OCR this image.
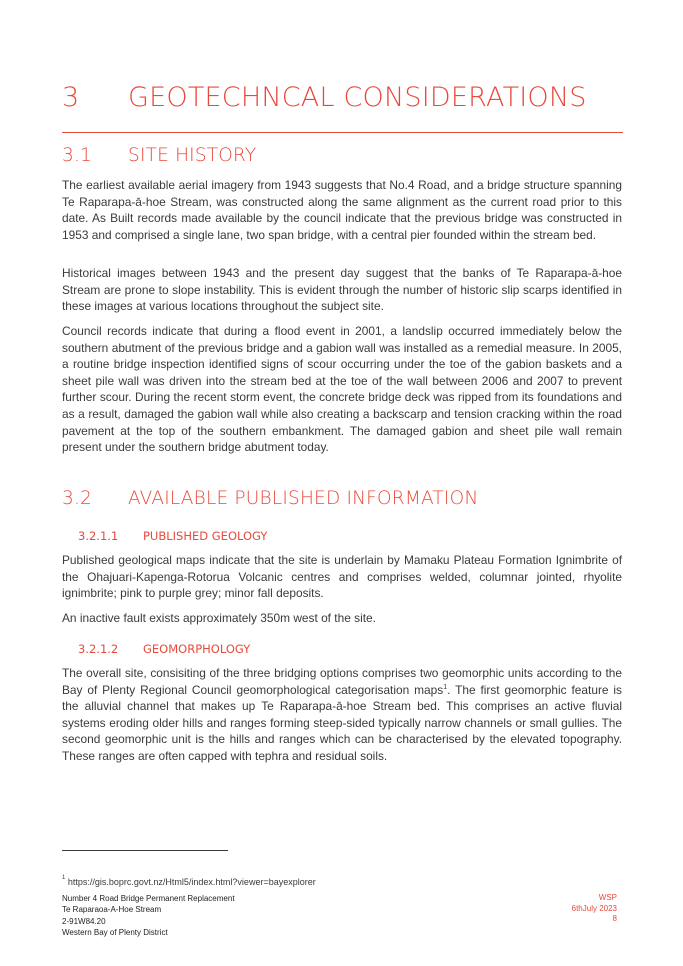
3 GEOTECHNCAL CONSIDERATIONS
3.1 SITE HISTORY

The earliest available aerial imagery from 1943 suggests that No.4 Road, and a bridge structure spanning Te Raparapa-ā-hoe Stream, was constructed along the same alignment as the current road prior to this date. As Built records made available by the council indicate that the previous bridge was constructed in 1953 and comprised a single lane, two span bridge, with a central pier founded within the stream bed.

Historical images between 1943 and the present day suggest that the banks of Te Raparapa-ā-hoe Stream are prone to slope instability. This is evident through the number of historic slip scarps identified in these images at various locations throughout the subject site.

Council records indicate that during a flood event in 2001, a landslip occurred immediately below the southern abutment of the previous bridge and a gabion wall was installed as a remedial measure. In 2005, a routine bridge inspection identified signs of scour occurring under the toe of the gabion baskets and a sheet pile wall was driven into the stream bed at the toe of the wall between 2006 and 2007 to prevent further scour. During the recent storm event, the concrete bridge deck was ripped from its foundations and as a result, damaged the gabion wall while also creating a backscarp and tension cracking within the road pavement at the top of the southern embankment. The damaged gabion and sheet pile wall remain present under the southern bridge abutment today.

3.2 AVAILABLE PUBLISHED INFORMATION
3.2.1.1 PUBLISHED GEOLOGY

Published geological maps indicate that the site is underlain by Mamaku Plateau Formation Ignimbrite of the Ohajuari-Kapenga-Rotorua Volcanic centres and comprises welded, columnar jointed, rhyolite ignimbrite; pink to purple grey; minor fall deposits.

An inactive fault exists approximately 350m west of the site.

3.2.1.2 GEOMORPHOLOGY

The overall site, consisiting of the three bridging options comprises two geomorphic units according to the Bay of Plenty Regional Council geomorphological categorisation maps$^1$. The first geomorphic feature is the alluvial channel that makes up Te Raparapa-ā-hoe Stream bed. This comprises an active fluvial systems eroding older hills and ranges forming steep-sided typically narrow channels or small gullies. The second geomorphic unit is the hills and ranges which can be characterised by the elevated topography. These ranges are often capped with tephra and residual soils.

$^1$ https://gis.boprc.govt.nz/Html5/index.html?viewer=bayexplorer
Number 4 Road Bridge Permanent Replacement
Te Raparaoa-A-Hoe Stream
2-91W84.20
Western Bay of Plenty District
WSP
6thJuly 2023
8
